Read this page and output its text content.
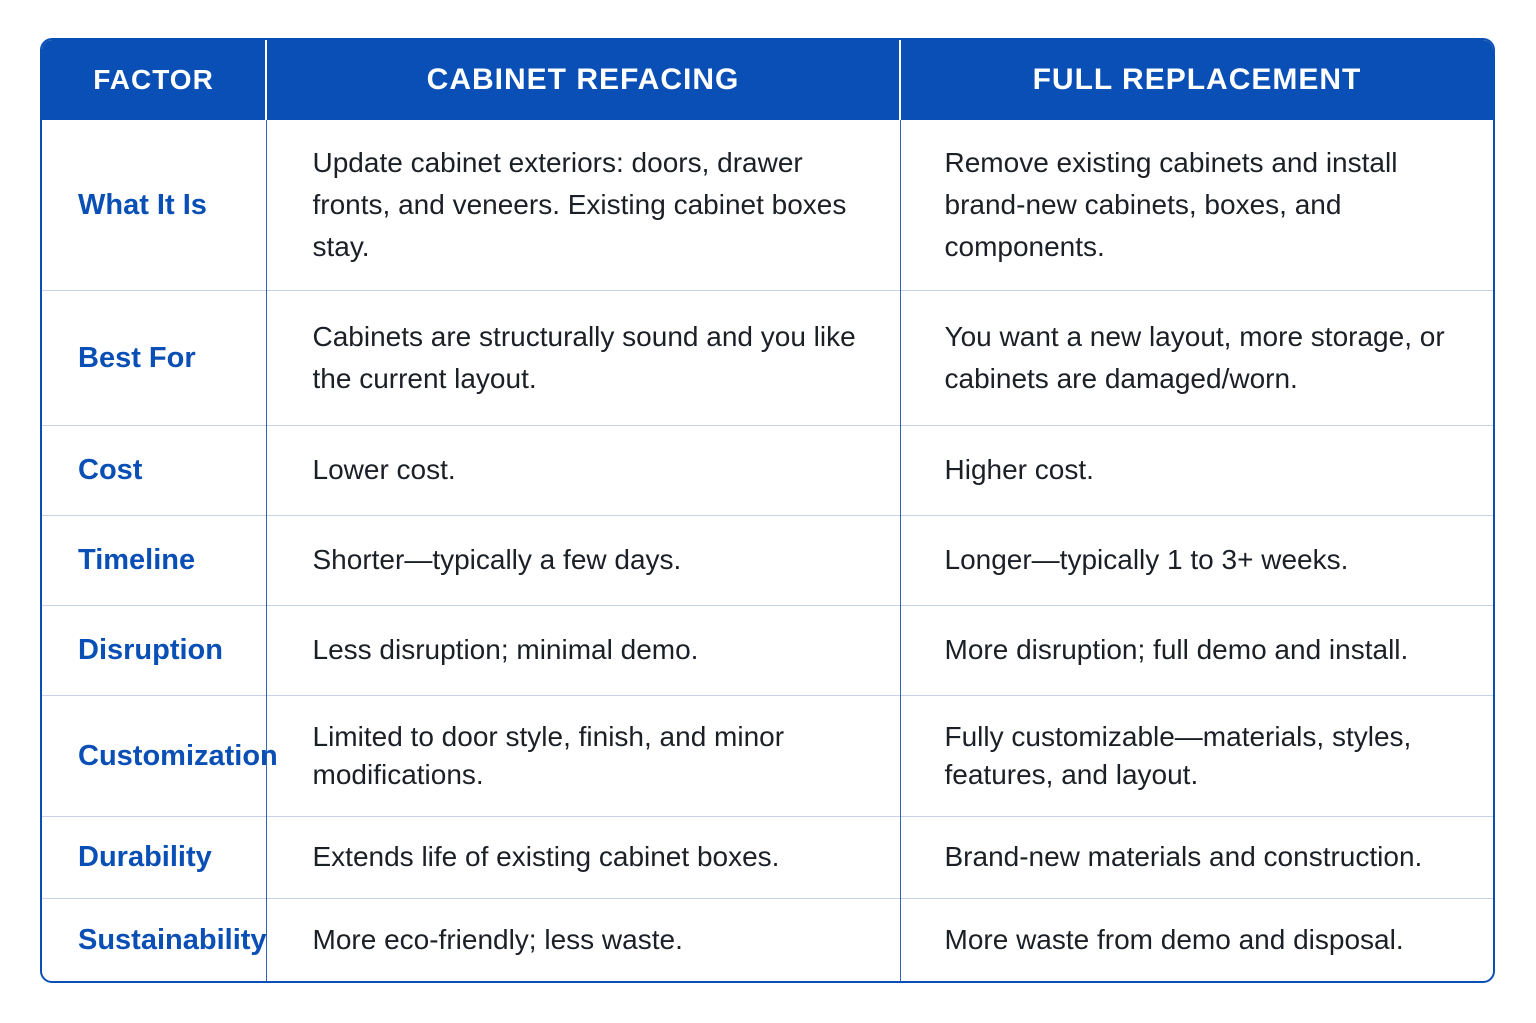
FACTOR	CABINET REFACING	FULL REPLACEMENT
What It Is	Update cabinet exteriors: doors, drawer fronts, and veneers. Existing cabinet boxes stay.	Remove existing cabinets and install brand-new cabinets, boxes, and components.
Best For	Cabinets are structurally sound and you like the current layout.	You want a new layout, more storage, or cabinets are damaged/worn.
Cost	Lower cost.	Higher cost.
Timeline	Shorter—typically a few days.	Longer—typically 1 to 3+ weeks.
Disruption	Less disruption; minimal demo.	More disruption; full demo and install.
Customization	Limited to door style, finish, and minor modifications.	Fully customizable—materials, styles, features, and layout.
Durability	Extends life of existing cabinet boxes.	Brand-new materials and construction.
Sustainability	More eco-friendly; less waste.	More waste from demo and disposal.
